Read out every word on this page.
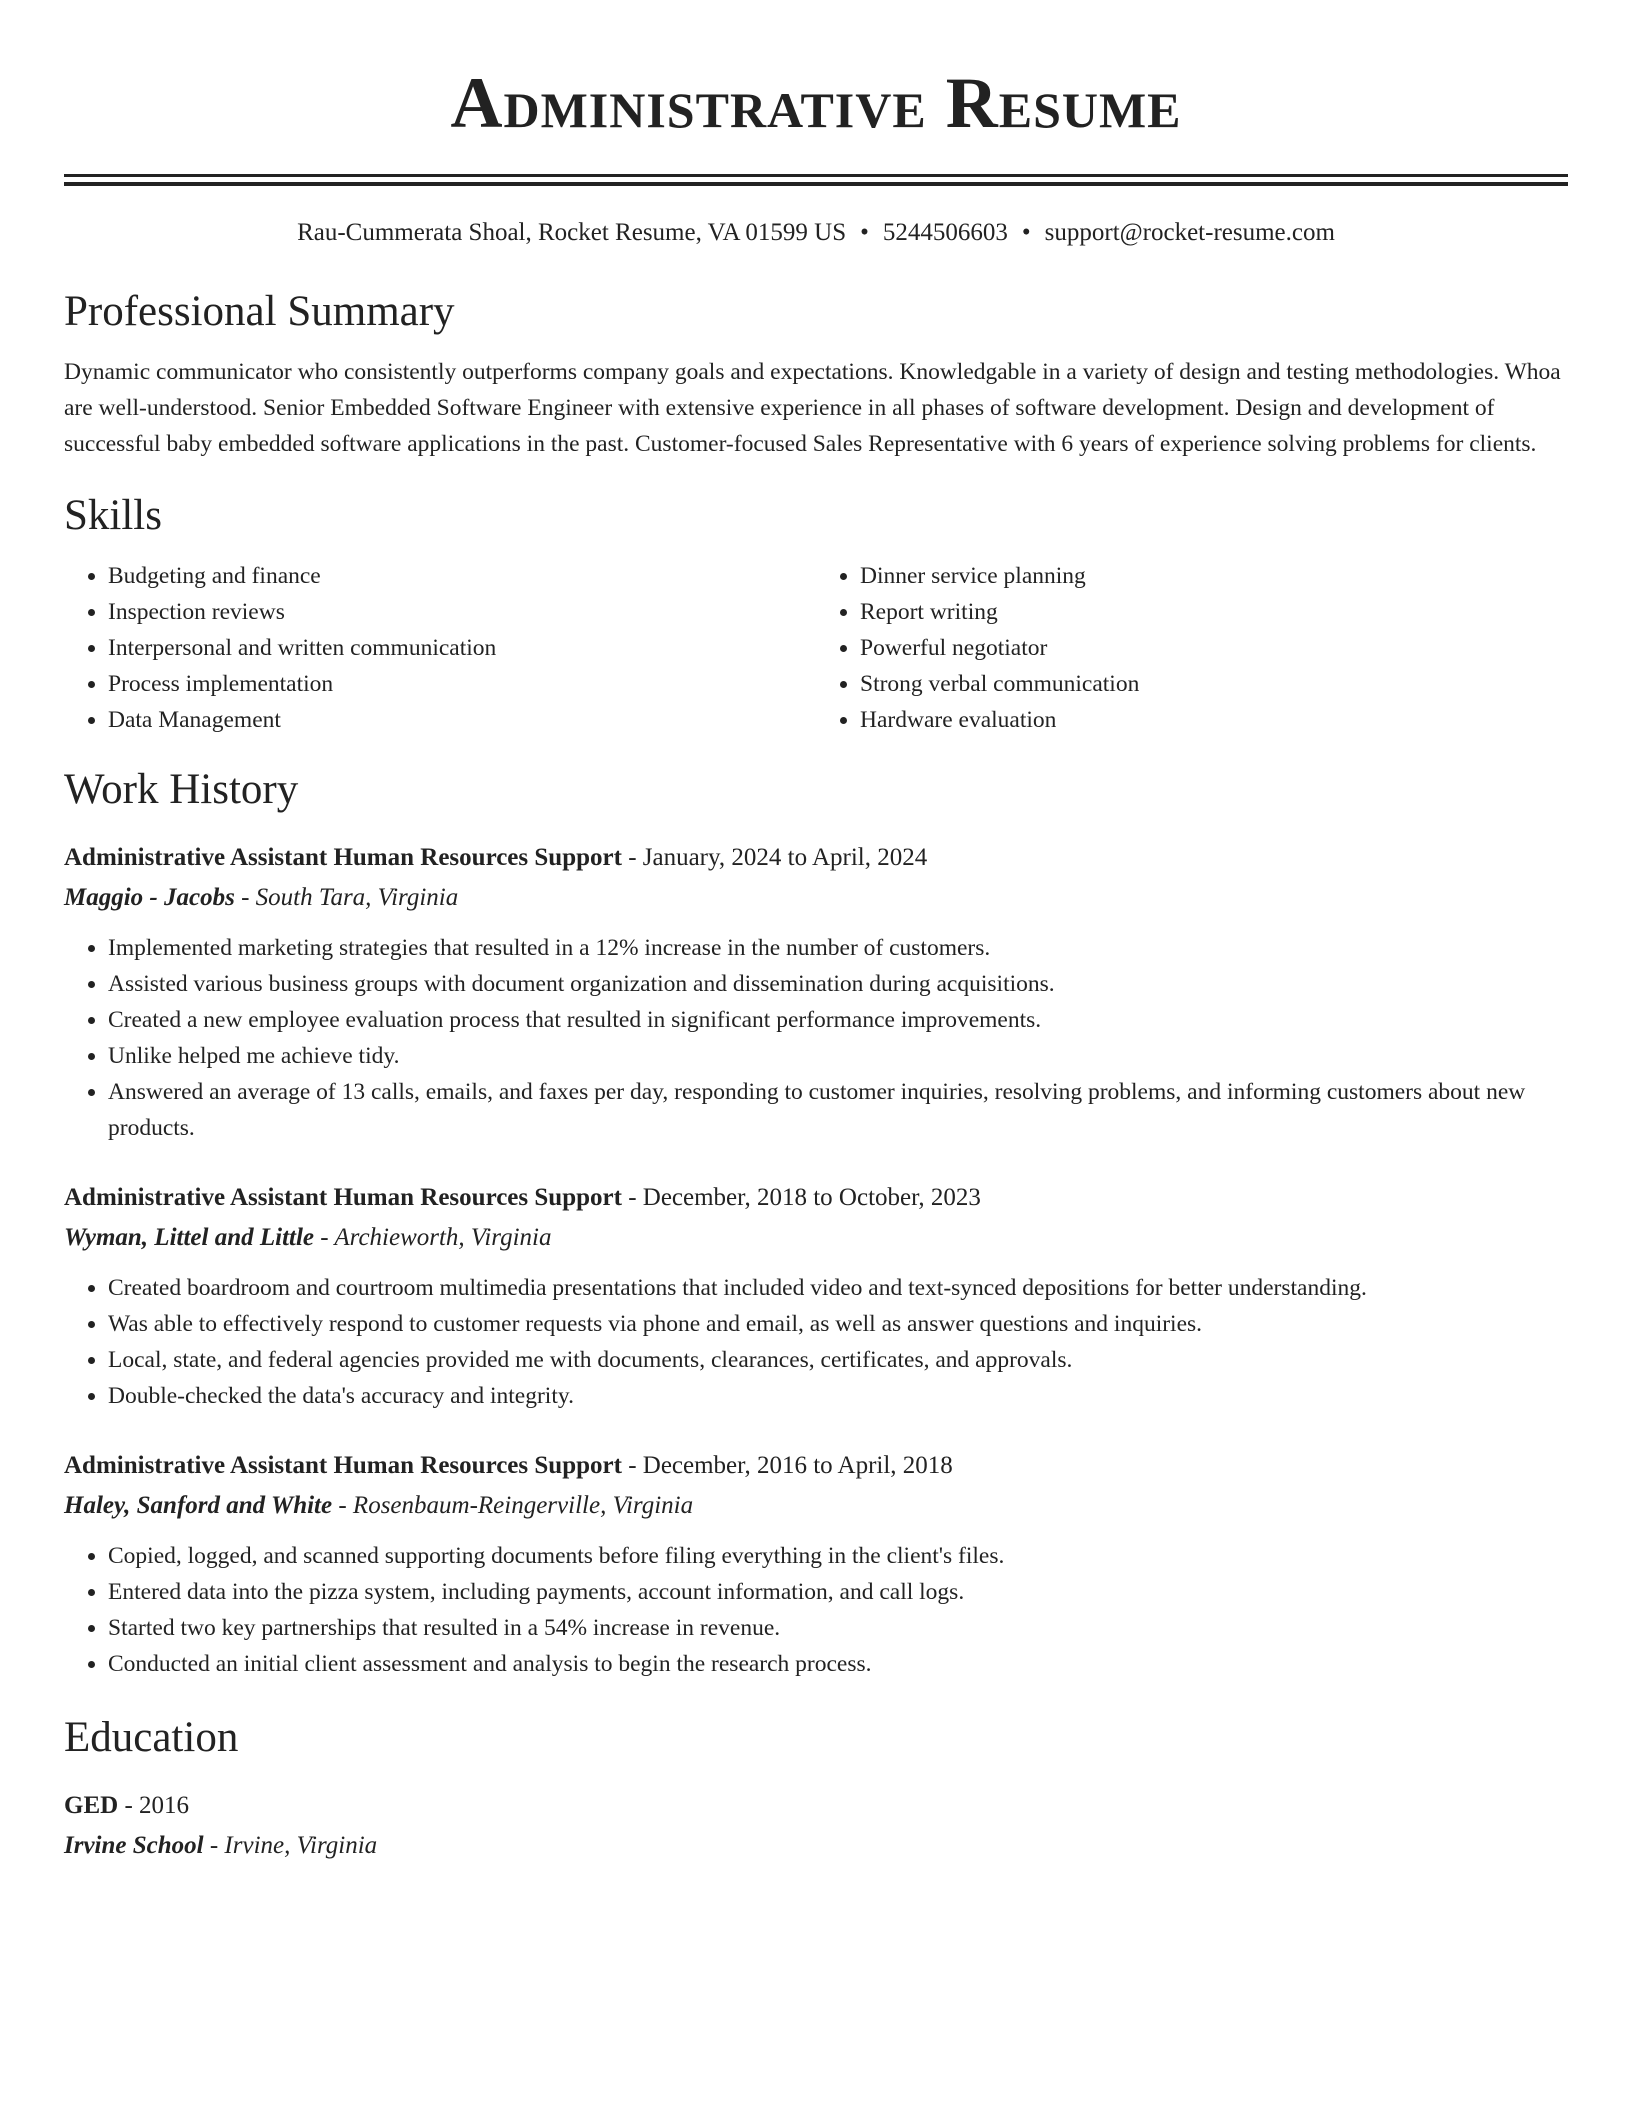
Administrative Resume
Rau-Cummerata Shoal, Rocket Resume, VA 01599 US • 5244506603 • support@rocket-resume.com
Professional Summary

Dynamic communicator who consistently outperforms company goals and expectations. Knowledgable in a variety of design and testing methodologies. Whoa are well-understood. Senior Embedded Software Engineer with extensive experience in all phases of software development. Design and development of successful baby embedded software applications in the past. Customer-focused Sales Representative with 6 years of experience solving problems for clients.

Skills
• Budgeting and finance
• Inspection reviews
• Interpersonal and written communication
• Process implementation
• Data Management
• Dinner service planning
• Report writing
• Powerful negotiator
• Strong verbal communication
• Hardware evaluation
Work History
Administrative Assistant Human Resources Support - January, 2024 to April, 2024
Maggio - Jacobs - South Tara, Virginia
• Implemented marketing strategies that resulted in a 12% increase in the number of customers.
• Assisted various business groups with document organization and dissemination during acquisitions.
• Created a new employee evaluation process that resulted in significant performance improvements.
• Unlike helped me achieve tidy.
• Answered an average of 13 calls, emails, and faxes per day, responding to customer inquiries, resolving problems, and informing customers about new products.
Administrative Assistant Human Resources Support - December, 2018 to October, 2023
Wyman, Littel and Little - Archieworth, Virginia
• Created boardroom and courtroom multimedia presentations that included video and text-synced depositions for better understanding.
• Was able to effectively respond to customer requests via phone and email, as well as answer questions and inquiries.
• Local, state, and federal agencies provided me with documents, clearances, certificates, and approvals.
• Double-checked the data's accuracy and integrity.
Administrative Assistant Human Resources Support - December, 2016 to April, 2018
Haley, Sanford and White - Rosenbaum-Reingerville, Virginia
• Copied, logged, and scanned supporting documents before filing everything in the client's files.
• Entered data into the pizza system, including payments, account information, and call logs.
• Started two key partnerships that resulted in a 54% increase in revenue.
• Conducted an initial client assessment and analysis to begin the research process.
Education
GED - 2016
Irvine School - Irvine, Virginia
